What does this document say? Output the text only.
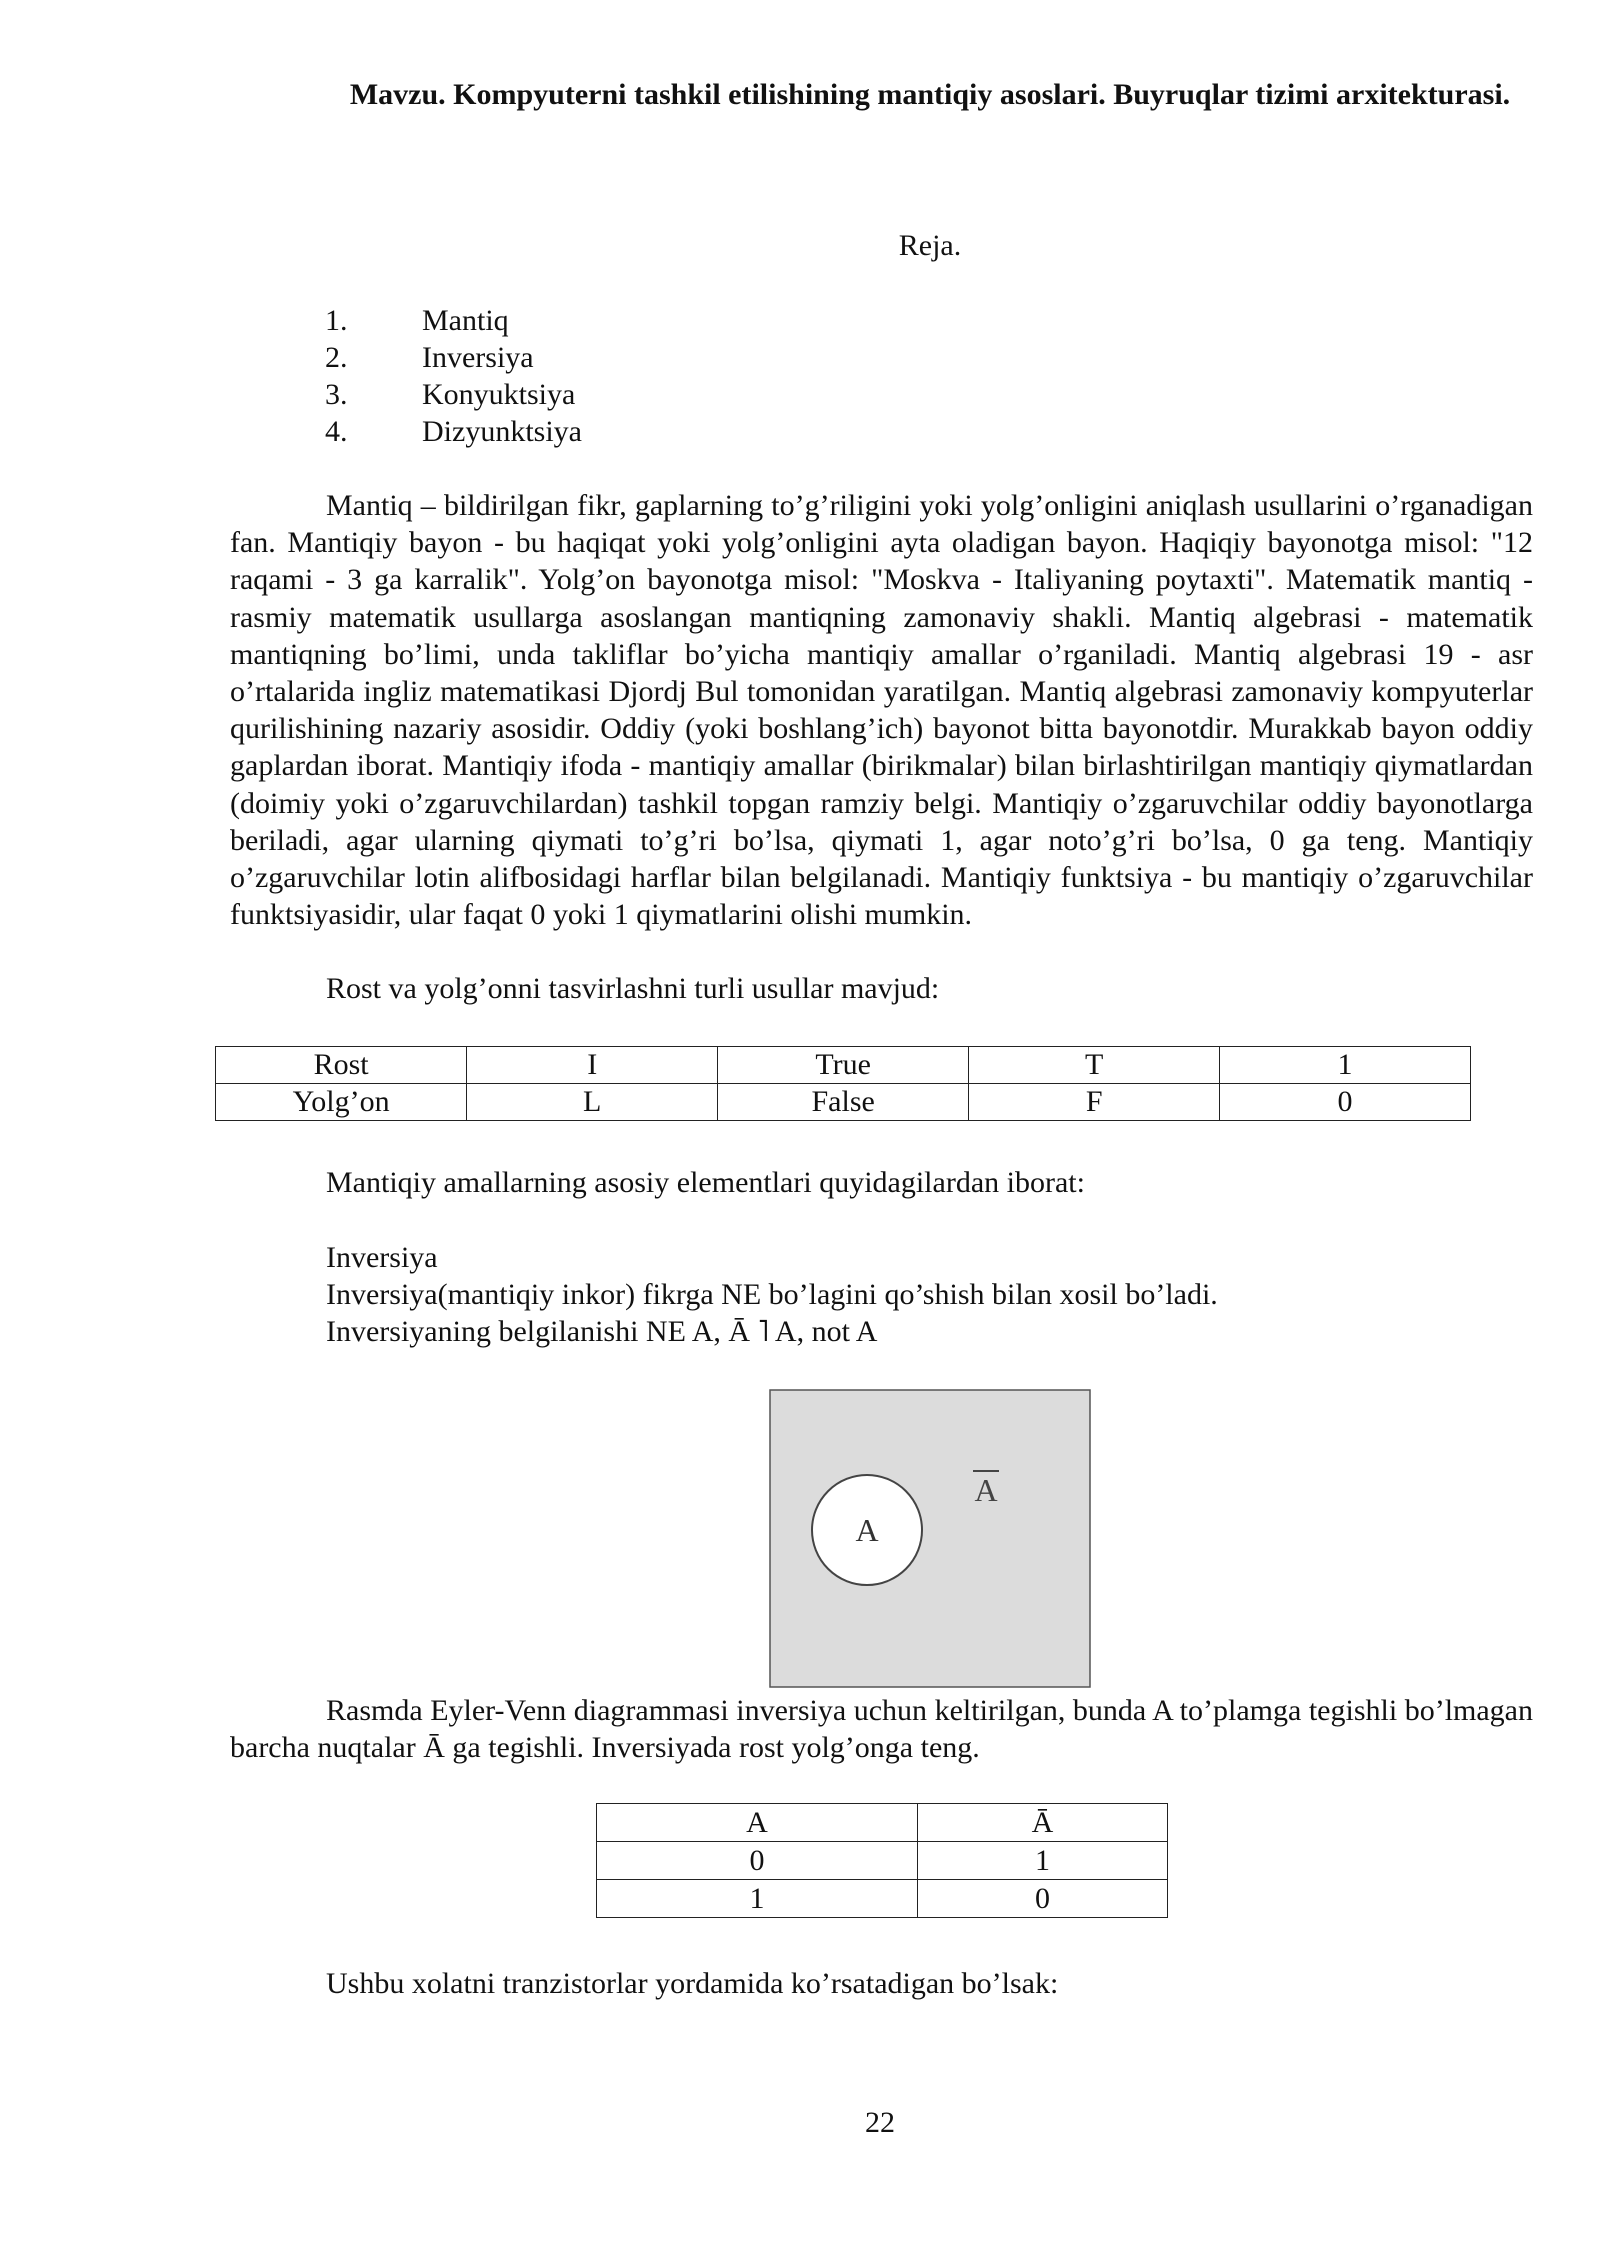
Mavzu. Kompyuterni tashkil etilishining mantiqiy asoslari. Buyruqlar tizimi arxitekturasi.
Reja.
1.	Mantiq
2.	Inversiya
3.	Konyuktsiya
4.	Dizyunktsiya

Mantiq – bildirilgan fikr, gaplarning to’g’riligini yoki yolg’onligini aniqlash usullarini o’rganadigan fan. Mantiqiy bayon - bu haqiqat yoki yolg’onligini ayta oladigan bayon. Haqiqiy bayonotga misol: "12 raqami - 3 ga karralik". Yolg’on bayonotga misol: "Moskva - Italiyaning poytaxti". Matematik mantiq - rasmiy matematik usullarga asoslangan mantiqning zamonaviy shakli. Mantiq algebrasi - matematik mantiqning bo’limi, unda takliflar bo’yicha mantiqiy amallar o’rganiladi. Mantiq algebrasi 19 - asr o’rtalarida ingliz matematikasi Djordj Bul tomonidan yaratilgan. Mantiq algebrasi zamonaviy kompyuterlar qurilishining nazariy asosidir. Oddiy (yoki boshlang’ich) bayonot bitta bayonotdir. Murakkab bayon oddiy gaplardan iborat. Mantiqiy ifoda - mantiqiy amallar (birikmalar) bilan birlashtirilgan mantiqiy qiymatlardan (doimiy yoki o’zgaruvchilardan) tashkil topgan ramziy belgi. Mantiqiy o’zgaruvchilar oddiy bayonotlarga beriladi, agar ularning qiymati to’g’ri bo’lsa, qiymati 1, agar noto’g’ri bo’lsa, 0 ga teng. Mantiqiy o’zgaruvchilar lotin alifbosidagi harflar bilan belgilanadi. Mantiqiy funktsiya - bu mantiqiy o’zgaruvchilar funktsiyasidir, ular faqat 0 yoki 1 qiymatlarini olishi mumkin.

Rost va yolg’onni tasvirlashni turli usullar mavjud:
Rost	I	True	T	1
Yolg’on	L	False	F	0
Mantiqiy amallarning asosiy elementlari quyidagilardan iborat:
Inversiya
Inversiya(mantiqiy inkor) fikrga NE bo’lagini qo’shish bilan xosil bo’ladi.
Inversiyaning belgilanishi NE A, Ā ˥ A, not A
A
A

Rasmda Eyler-Venn diagrammasi inversiya uchun keltirilgan, bunda A to’plamga tegishli bo’lmagan barcha nuqtalar Ā ga tegishli. Inversiyada rost yolg’onga teng.

A	Ā
0	1
1	0
Ushbu xolatni tranzistorlar yordamida ko’rsatadigan bo’lsak:
22
